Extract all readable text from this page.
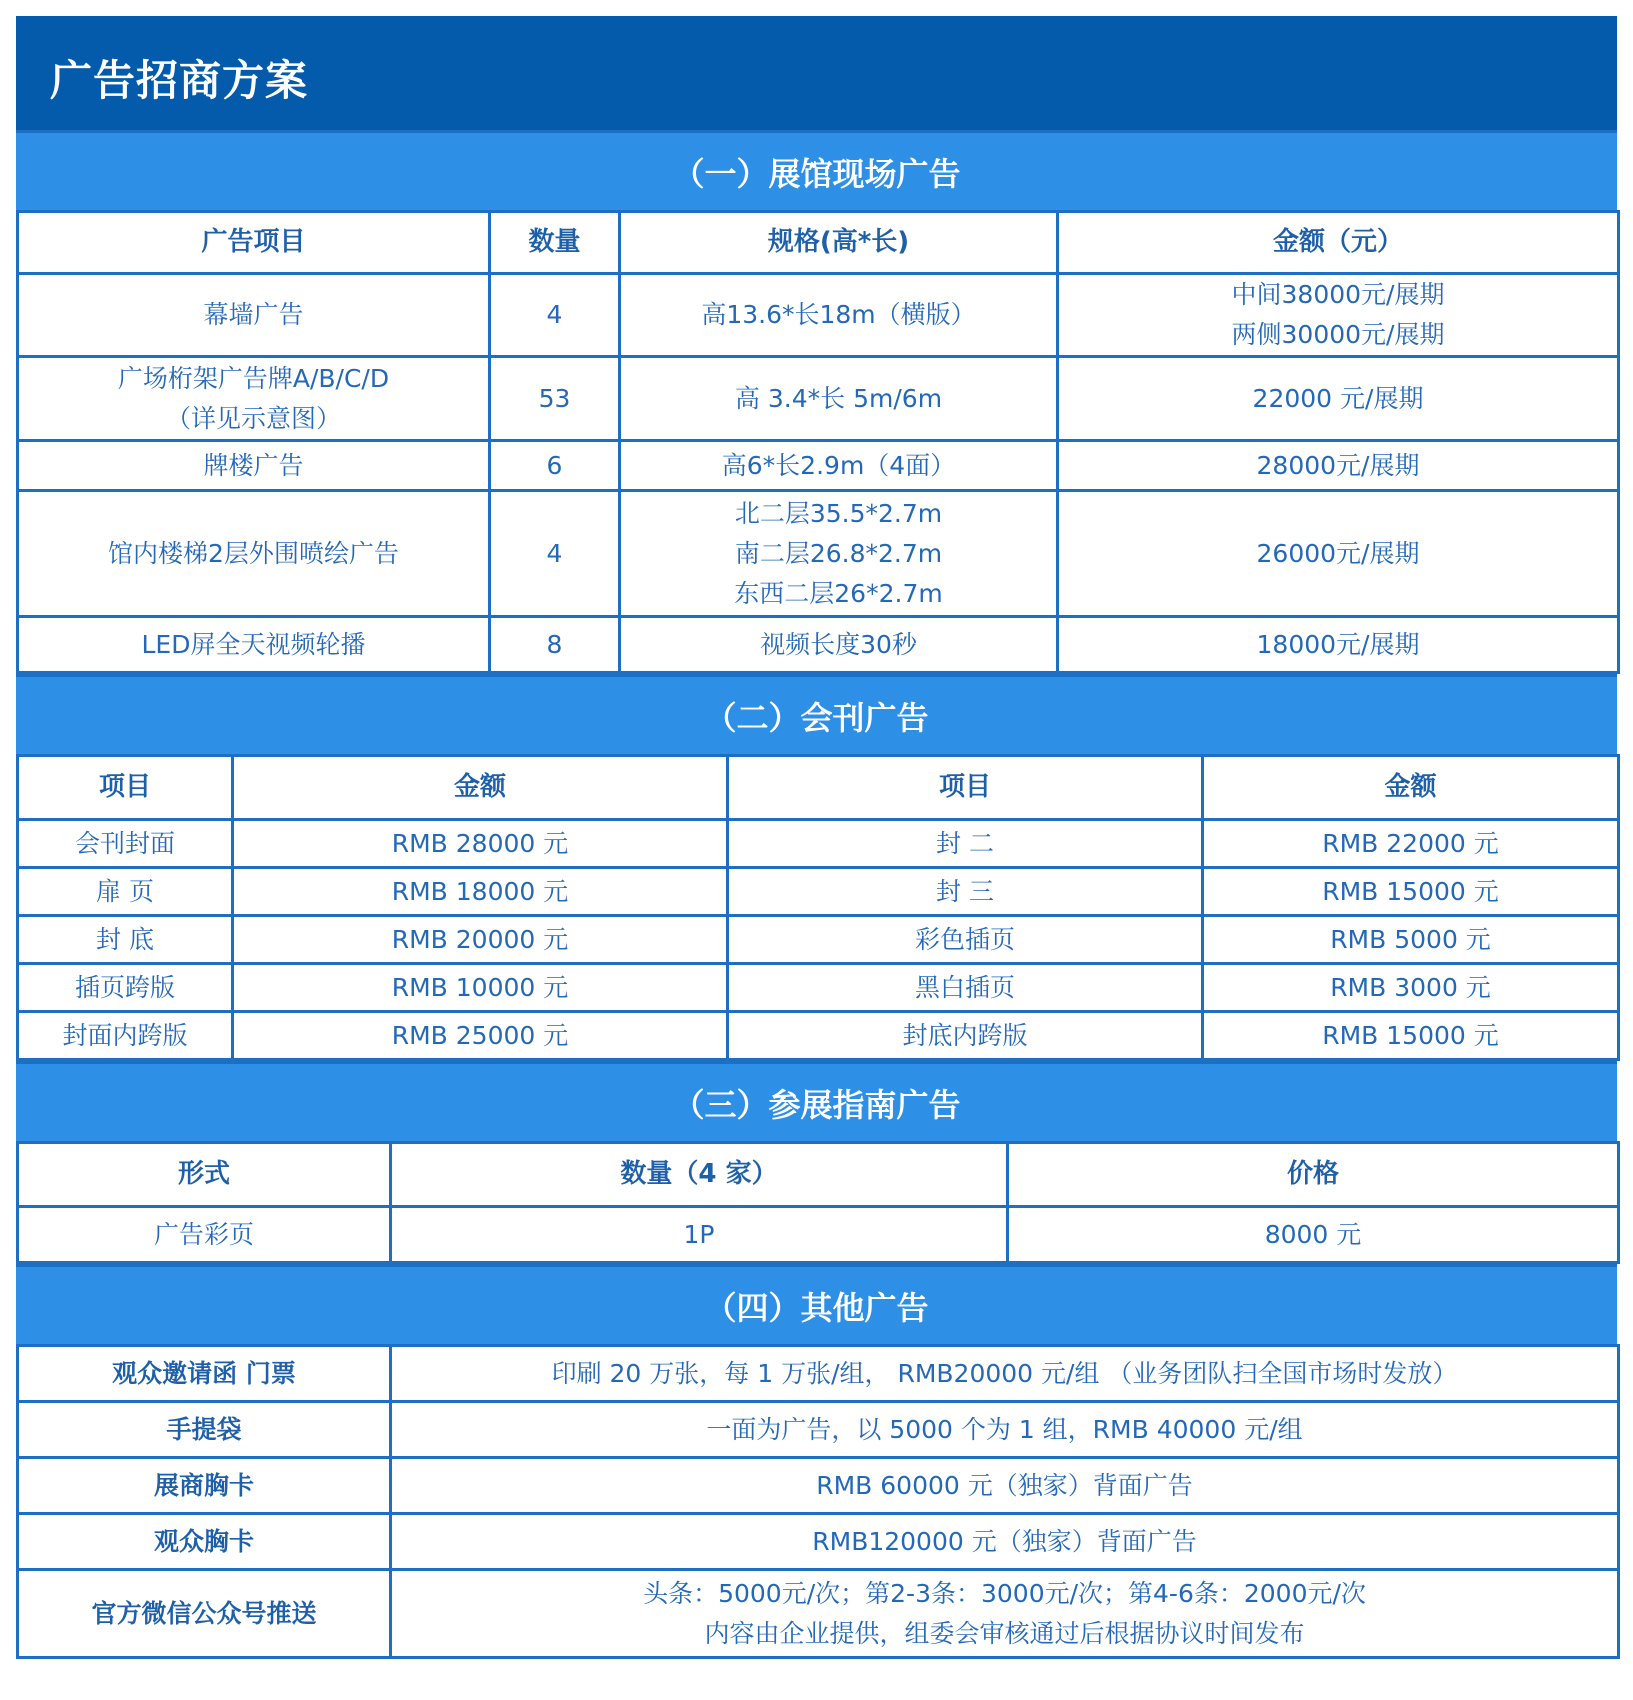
广告招商方案
（一）展馆现场广告
广告项目	数量	规格(高*长)	金额（元）

幕墙广告	4	高13.6*长18m（横版）	中间38000元/展期
两侧30000元/展期

广场桁架广告牌A/B/C/D
（详见示意图）	53	高 3.4*长 5m/6m	22000 元/展期

牌楼广告	6	高6*长2.9m（4面）	28000元/展期

馆内楼梯2层外围喷绘广告	4	北二层35.5*2.7m
南二层26.8*2.7m
东西二层26*2.7m	26000元/展期

LED屏全天视频轮播	8	视频长度30秒	18000元/展期
（二）会刊广告
项目	金额	项目	金额
会刊封面	RMB 28000 元	封 二	RMB 22000 元
扉 页	RMB 18000 元	封 三	RMB 15000 元
封 底	RMB 20000 元	彩色插页	RMB 5000 元
插页跨版	RMB 10000 元	黑白插页	RMB 3000 元
封面内跨版	RMB 25000 元	封底内跨版	RMB 15000 元
（三）参展指南广告
形式	数量（4 家）	价格
广告彩页	1P	8000 元
（四）其他广告
观众邀请函 门票	印刷 20 万张，每 1 万张/组， RMB20000 元/组 （业务团队扫全国市场时发放）

手提袋	一面为广告，以 5000 个为 1 组，RMB 40000 元/组

展商胸卡	RMB 60000 元（独家）背面广告

观众胸卡	RMB120000 元（独家）背面广告

官方微信公众号推送	头条：5000元/次；第2-3条：3000元/次；第4-6条：2000元/次
内容由企业提供，组委会审核通过后根据协议时间发布
